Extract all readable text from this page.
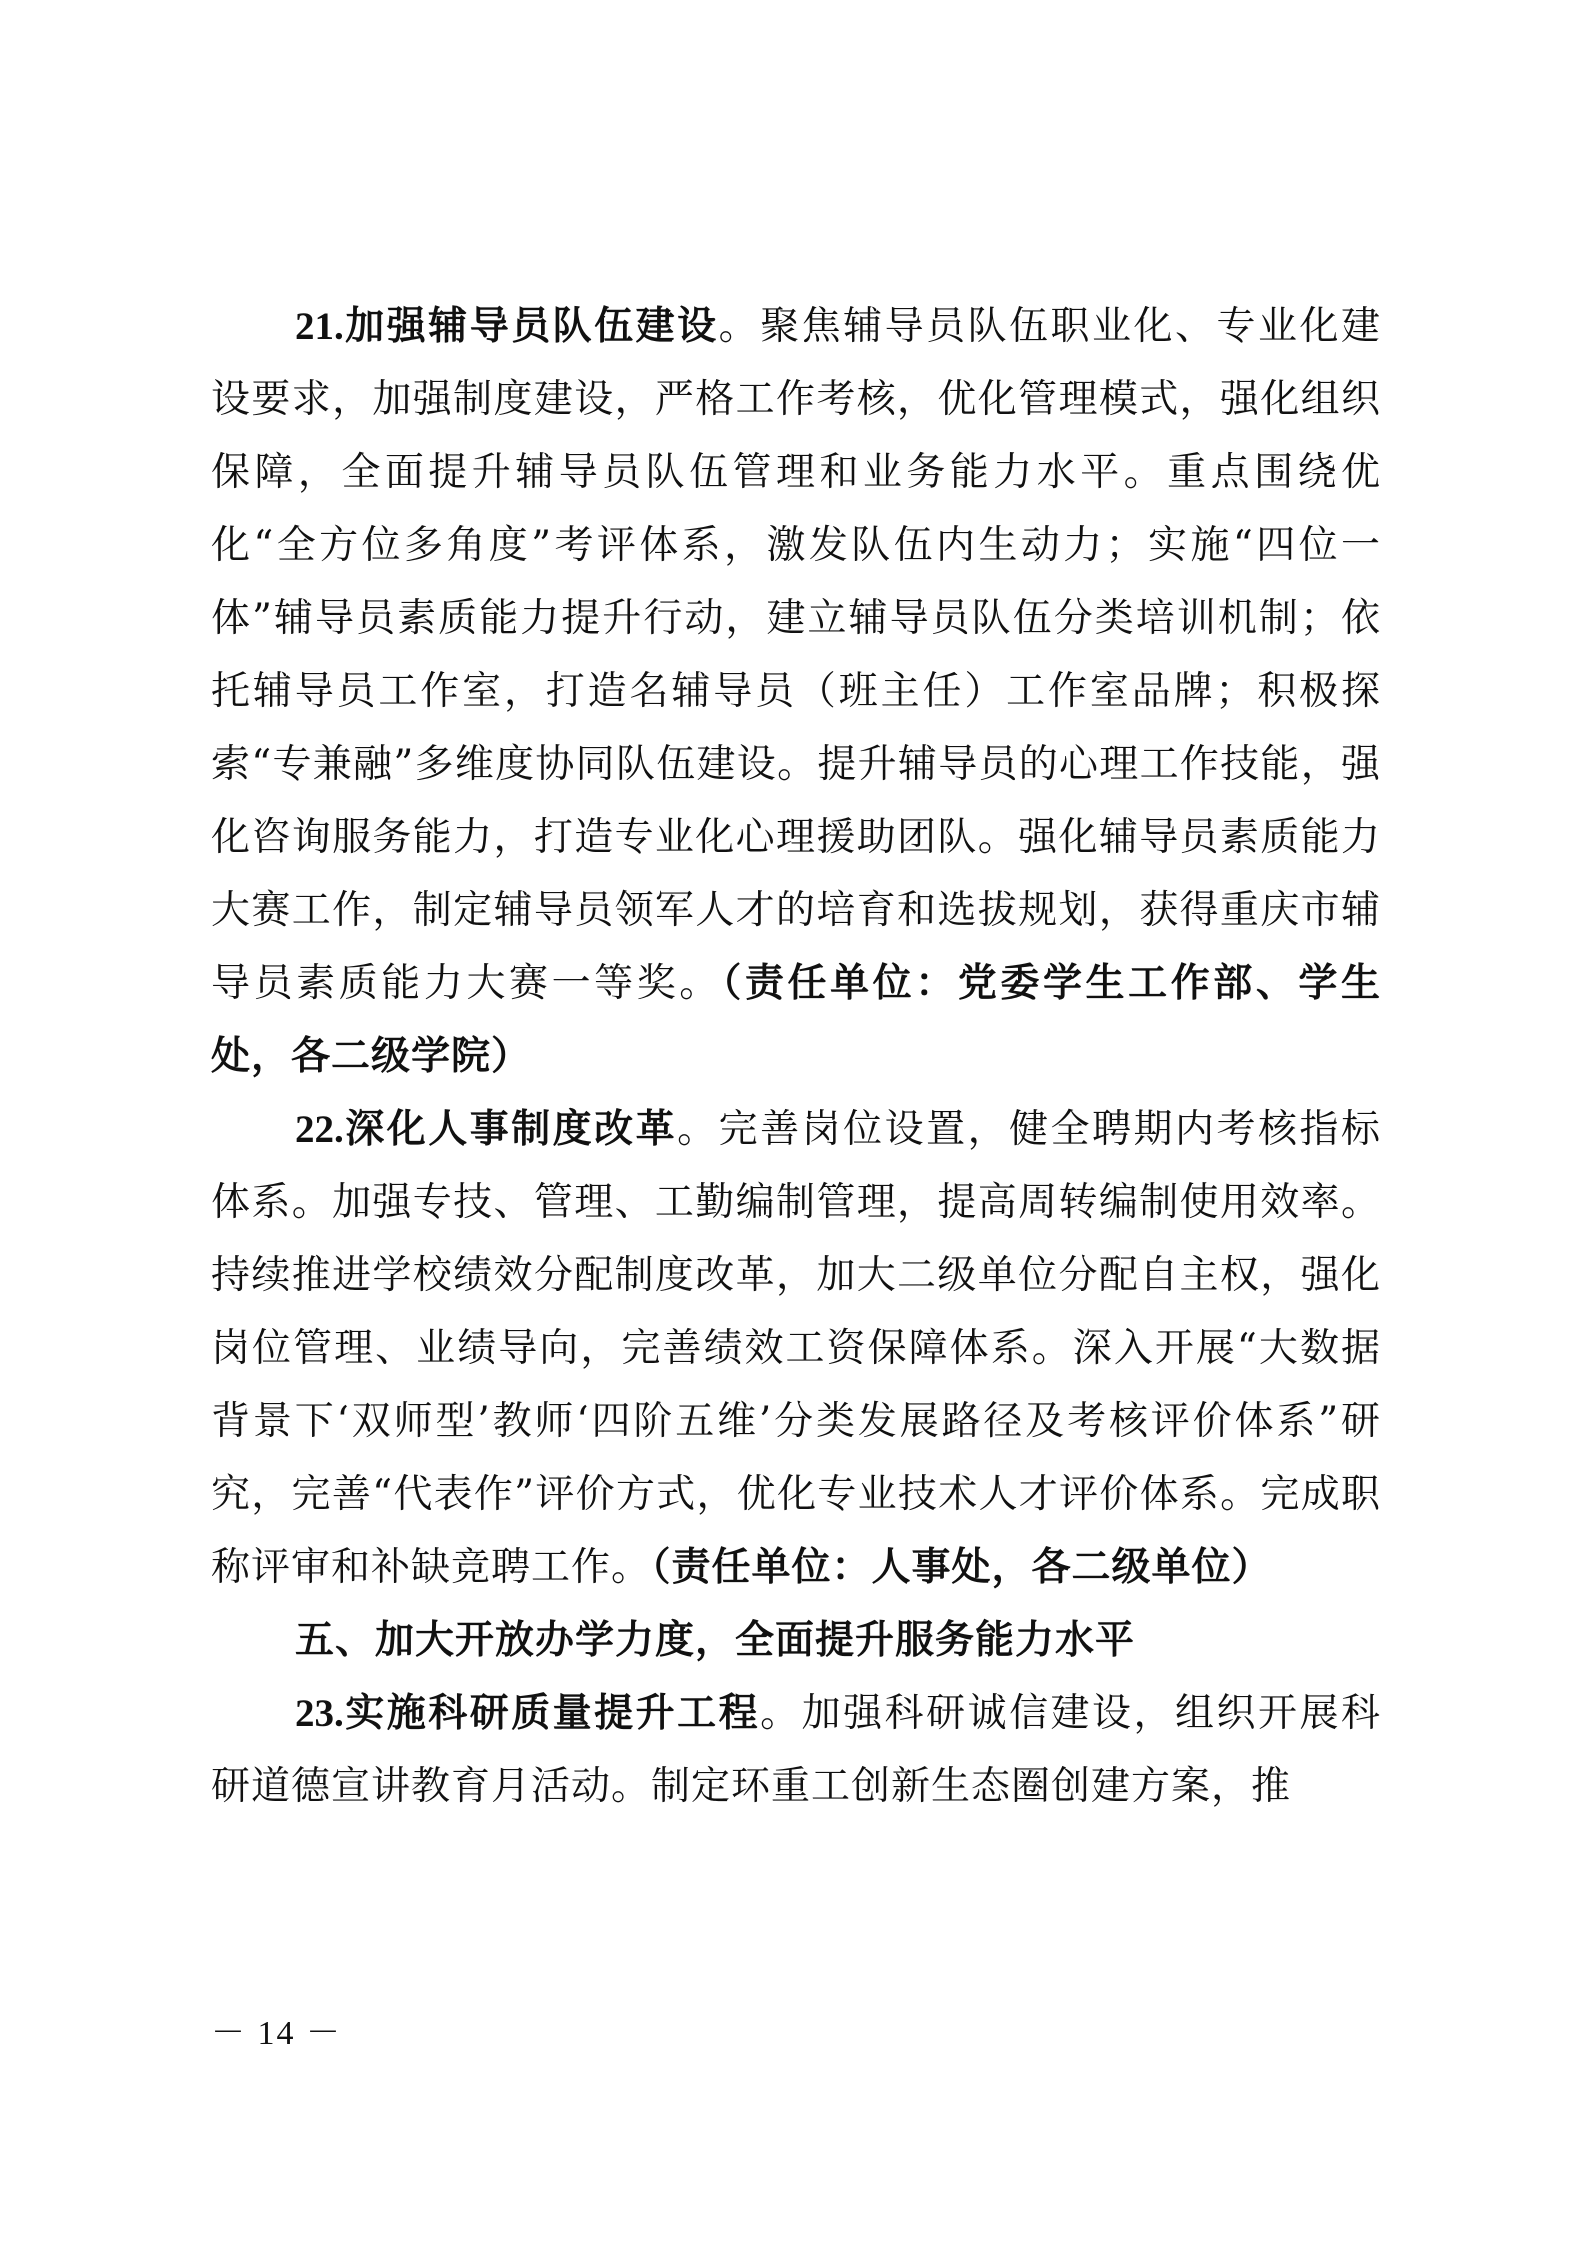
21.加强辅导员队伍建设。聚焦辅导员队伍职业化、专业化建设要求，加强制度建设，严格工作考核，优化管理模式，强化组织保障，全面提升辅导员队伍管理和业务能力水平。重点围绕优化“全方位多角度”考评体系，激发队伍内生动力；实施“四位一体”辅导员素质能力提升行动，建立辅导员队伍分类培训机制；依托辅导员工作室，打造名辅导员（班主任）工作室品牌；积极探索“专兼融”多维度协同队伍建设。提升辅导员的心理工作技能，强化咨询服务能力，打造专业化心理援助团队。强化辅导员素质能力大赛工作，制定辅导员领军人才的培育和选拔规划，获得重庆市辅导员素质能力大赛一等奖。（责任单位：党委学生工作部、学生处，各二级学院）

22.深化人事制度改革。完善岗位设置，健全聘期内考核指标体系。加强专技、管理、工勤编制管理，提高周转编制使用效率。持续推进学校绩效分配制度改革，加大二级单位分配自主权，强化岗位管理、业绩导向，完善绩效工资保障体系。深入开展“大数据背景下‘双师型’教师‘四阶五维’分类发展路径及考核评价体系”研究，完善“代表作”评价方式，优化专业技术人才评价体系。完成职称评审和补缺竞聘工作。（责任单位：人事处，各二级单位）

五、加大开放办学力度，全面提升服务能力水平

23.实施科研质量提升工程。加强科研诚信建设，组织开展科研道德宣讲教育月活动。制定环重工创新生态圈创建方案，推

－ 14 －
